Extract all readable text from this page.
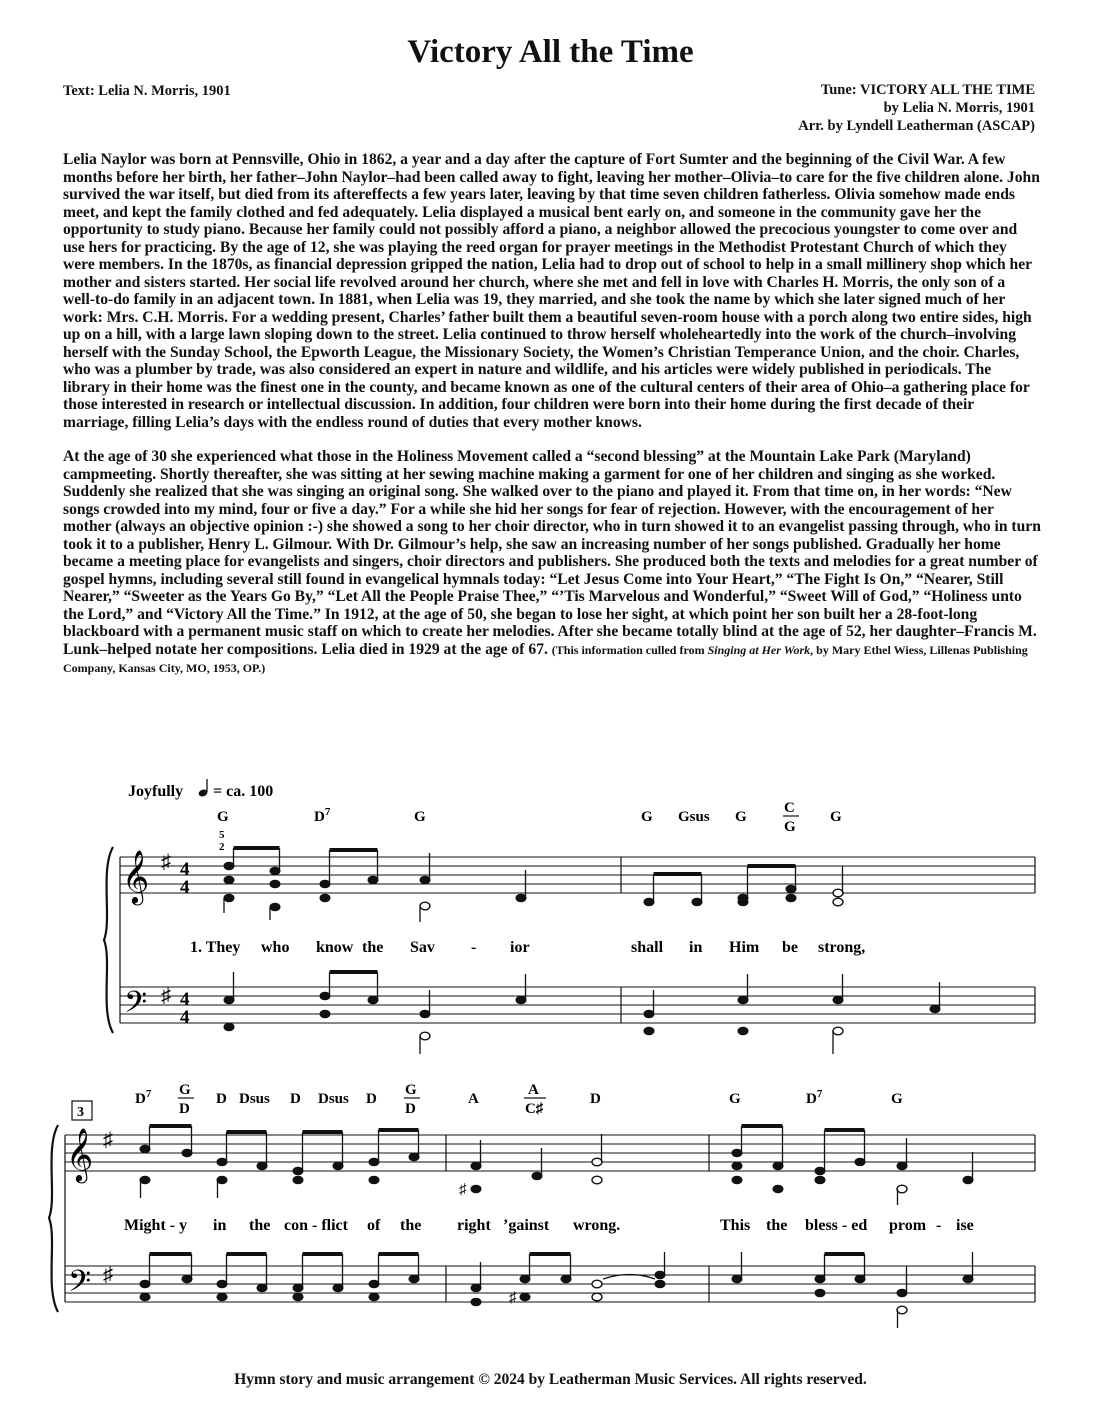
Victory All the Time
Text: Lelia N. Morris, 1901	Tune: VICTORY ALL THE TIME
by Lelia N. Morris, 1901
Arr. by Lyndell Leatherman (ASCAP)

Lelia Naylor was born at Pennsville, Ohio in 1862, a year and a day after the capture of Fort Sumter and the beginning of the Civil War. A few months before her birth, her father–John Naylor–had been called away to fight, leaving her mother–Olivia–to care for the five children alone. John survived the war itself, but died from its aftereffects a few years later, leaving by that time seven children fatherless. Olivia somehow made ends meet, and kept the family clothed and fed adequately. Lelia displayed a musical bent early on, and someone in the community gave her the opportunity to study piano. Because her family could not possibly afford a piano, a neighbor allowed the precocious youngster to come over and use hers for practicing. By the age of 12, she was playing the reed organ for prayer meetings in the Methodist Protestant Church of which they were members. In the 1870s, as financial depression gripped the nation, Lelia had to drop out of school to help in a small millinery shop which her mother and sisters started. Her social life revolved around her church, where she met and fell in love with Charles H. Morris, the only son of a well-to-do family in an adjacent town. In 1881, when Lelia was 19, they married, and she took the name by which she later signed much of her work: Mrs. C.H. Morris. For a wedding present, Charles’ father built them a beautiful seven-room house with a porch along two entire sides, high up on a hill, with a large lawn sloping down to the street. Lelia continued to throw herself wholeheartedly into the work of the church–involving herself with the Sunday School, the Epworth League, the Missionary Society, the Women’s Christian Temperance Union, and the choir. Charles, who was a plumber by trade, was also considered an expert in nature and wildlife, and his articles were widely published in periodicals. The library in their home was the finest one in the county, and became known as one of the cultural centers of their area of Ohio–a gathering place for those interested in research or intellectual discussion. In addition, four children were born into their home during the first decade of their marriage, filling Lelia’s days with the endless round of duties that every mother knows.

At the age of 30 she experienced what those in the Holiness Movement called a “second blessing” at the Mountain Lake Park (Maryland) campmeeting. Shortly thereafter, she was sitting at her sewing machine making a garment for one of her children and singing as she worked. Suddenly she realized that she was singing an original song. She walked over to the piano and played it. From that time on, in her words: “New songs crowded into my mind, four or five a day.” For a while she hid her songs for fear of rejection. However, with the encouragement of her mother (always an objective opinion :-) she showed a song to her choir director, who in turn showed it to an evangelist passing through, who in turn took it to a publisher, Henry L. Gilmour. With Dr. Gilmour’s help, she saw an increasing number of her songs published. Gradually her home became a meeting place for evangelists and singers, choir directors and publishers. She produced both the texts and melodies for a great number of gospel hymns, including several still found in evangelical hymnals today: “Let Jesus Come into Your Heart,” “The Fight Is On,” “Nearer, Still Nearer,” “Sweeter as the Years Go By,” “Let All the People Praise Thee,” “’Tis Marvelous and Wonderful,” “Sweet Will of God,” “Holiness unto the Lord,” and “Victory All the Time.” In 1912, at the age of 50, she began to lose her sight, at which point her son built her a 28-foot-long blackboard with a permanent music staff on which to create her melodies. After she became totally blind at the age of 52, her daughter–Francis M. Lunk–helped notate her compositions. Lelia died in 1929 at the age of 67. (This information culled from Singing at Her Work, by Mary Ethel Wiess, Lillenas Publishing Company, Kansas City, MO, 1953, OP.)

Joyfully = ca. 100
G	$D^7$	G	G Gsus G
C
G
G
5
2
𝄞
𝄢
♯
♯
4
4
4
4
1. They who know the Sav - ior	shall in Him be strong,
$D^7$ G
D
D Dsus D Dsus D
G
D
A
A
C♯
D	G	$D^7$	G
3
𝄞
𝄢
♯
♯
♯
♯
Might - y in the con - flict of the right ’gainst wrong.	This the bless - ed prom - ise
Hymn story and music arrangement © 2024 by Leatherman Music Services. All rights reserved.
